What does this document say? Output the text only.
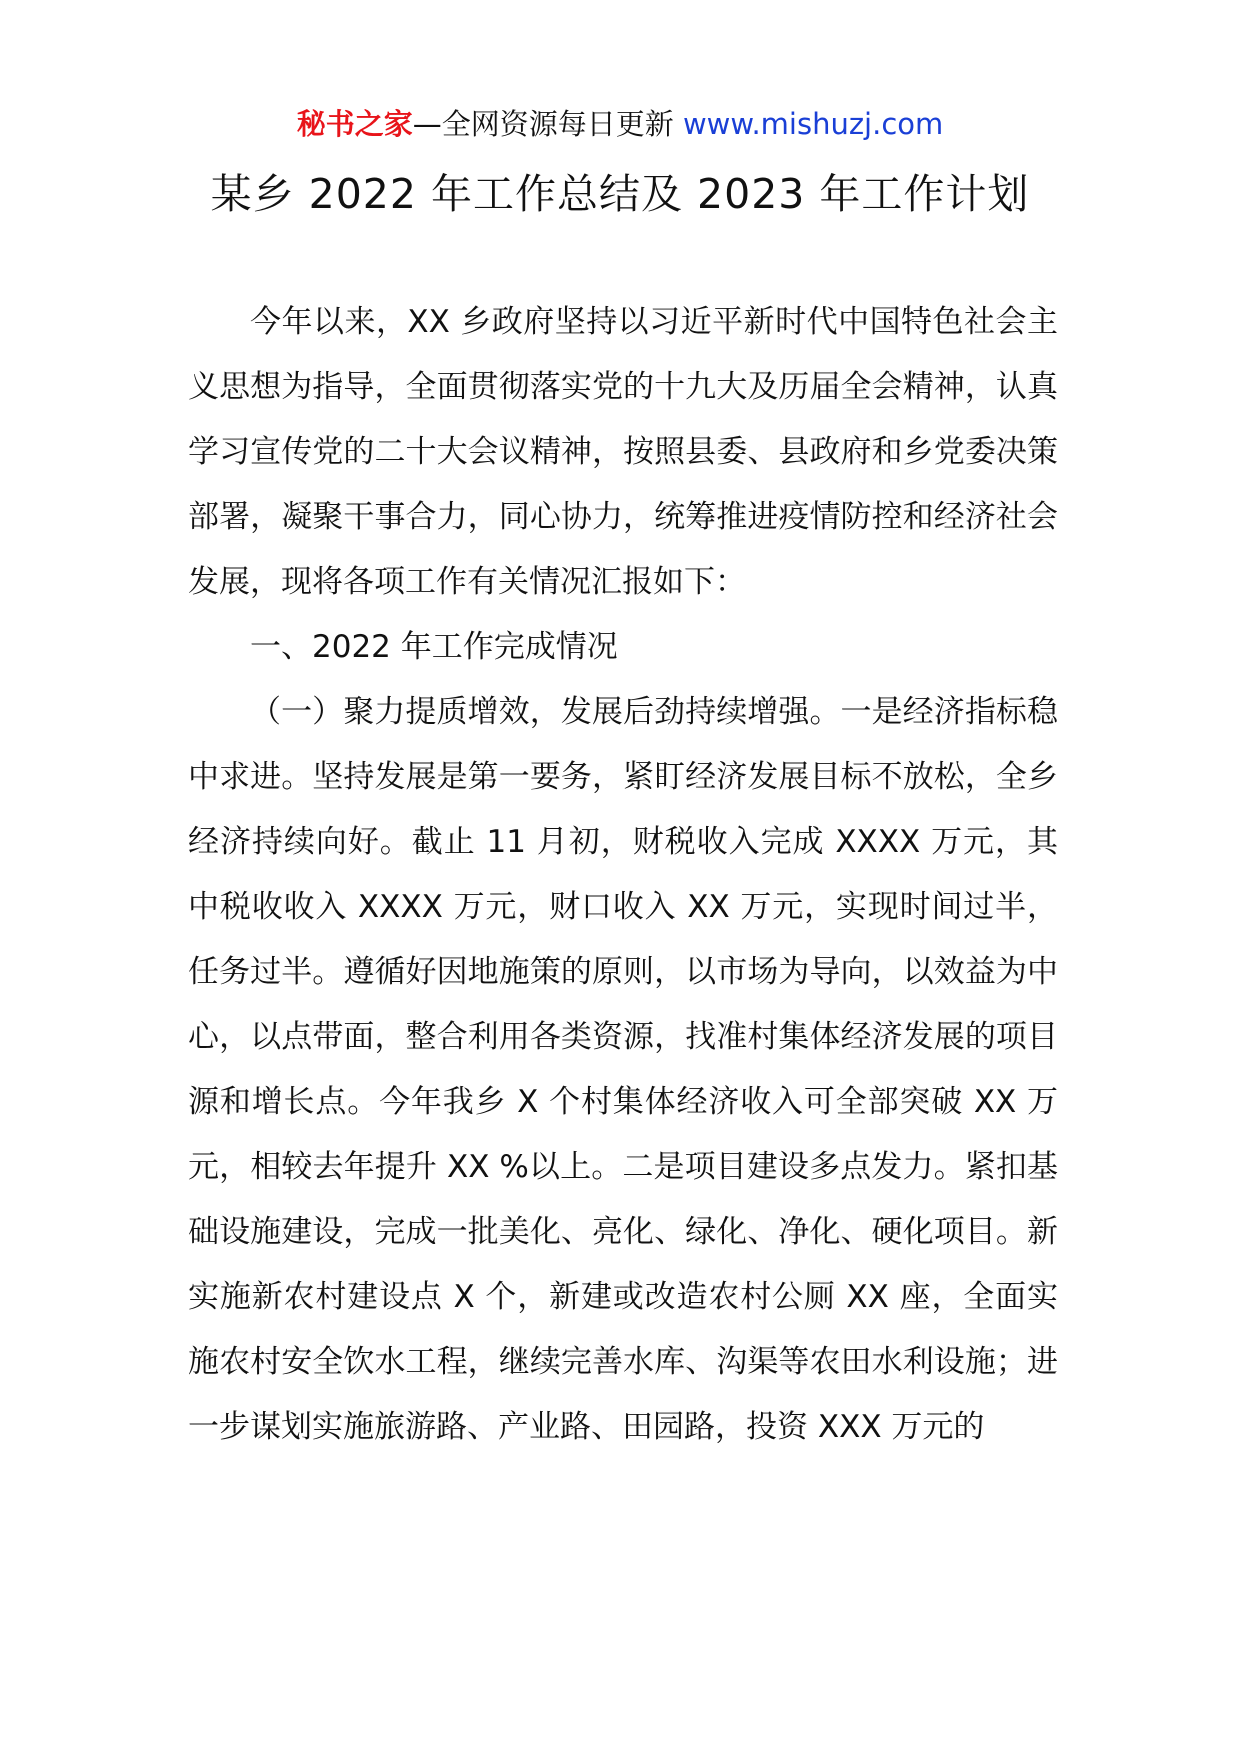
秘书之家—全网资源每日更新 www.mishuzj.com
某乡 2022 年工作总结及 2023 年工作计划

今年以来，XX 乡政府坚持以习近平新时代中国特色社会主义思想为指导，全面贯彻落实党的十九大及历届全会精神，认真学习宣传党的二十大会议精神，按照县委、县政府和乡党委决策部署，凝聚干事合力，同心协力，统筹推进疫情防控和经济社会发展，现将各项工作有关情况汇报如下：

一、2022 年工作完成情况

（一）聚力提质增效，发展后劲持续增强。一是经济指标稳中求进。坚持发展是第一要务，紧盯经济发展目标不放松，全乡经济持续向好。截止 11 月初，财税收入完成 XXXX 万元，其中税收收入 XXXX 万元，财口收入 XX 万元，实现时间过半，任务过半。遵循好因地施策的原则，以市场为导向，以效益为中心，以点带面，整合利用各类资源，找准村集体经济发展的项目源和增长点。今年我乡 X 个村集体经济收入可全部突破 XX 万元，相较去年提升 XX %以上。二是项目建设多点发力。紧扣基础设施建设，完成一批美化、亮化、绿化、净化、硬化项目。新实施新农村建设点 X 个，新建或改造农村公厕 XX 座，全面实施农村安全饮水工程，继续完善水库、沟渠等农田水利设施；进一步谋划实施旅游路、产业路、田园路，投资 XXX 万元的
